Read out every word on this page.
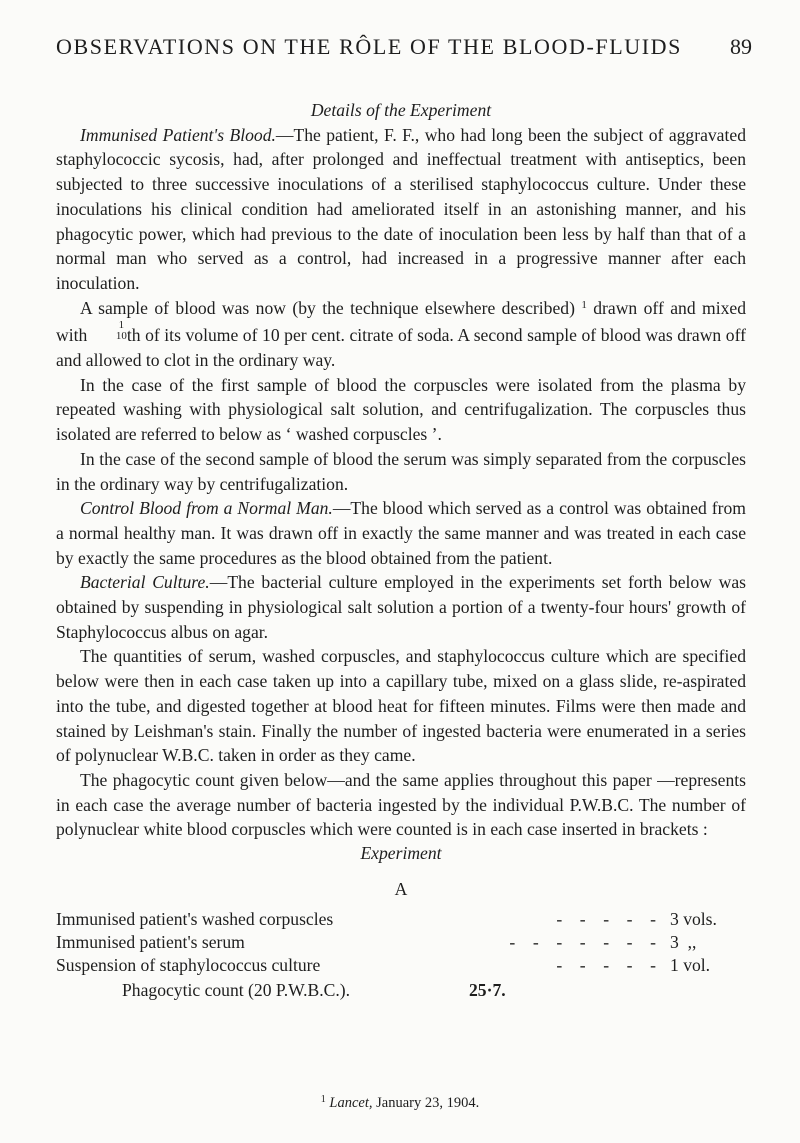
OBSERVATIONS ON THE RÔLE OF THE BLOOD-FLUIDS 89
Details of the Experiment

Immunised Patient's Blood.—The patient, F. F., who had long been the subject of aggravated staphylococcic sycosis, had, after prolonged and ineffectual treatment with antiseptics, been subjected to three successive inoculations of a sterilised staphylococcus culture. Under these inoculations his clinical condition had ameliorated itself in an astonishing manner, and his phagocytic power, which had previous to the date of inoculation been less by half than that of a normal man who served as a control, had increased in a progressive manner after each inoculation.

A sample of blood was now (by the technique elsewhere described) $^1$ drawn off and mixed with	1
10 th of its volume of 10 per cent. citrate of soda. A second sample of blood was drawn off and allowed to clot in the ordinary way.

In the case of the first sample of blood the corpuscles were isolated from the plasma by repeated washing with physiological salt solution, and centrifugalization. The corpuscles thus isolated are referred to below as ‘ washed corpuscles ’.

In the case of the second sample of blood the serum was simply separated from the corpuscles in the ordinary way by centrifugalization.

Control Blood from a Normal Man.—The blood which served as a control was obtained from a normal healthy man. It was drawn off in exactly the same manner and was treated in each case by exactly the same procedures as the blood obtained from the patient.

Bacterial Culture.—The bacterial culture employed in the experiments set forth below was obtained by suspending in physiological salt solution a portion of a twenty-four hours' growth of Staphylococcus albus on agar.

The quantities of serum, washed corpuscles, and staphylococcus culture which are specified below were then in each case taken up into a capillary tube, mixed on a glass slide, re-aspirated into the tube, and digested together at blood heat for fifteen minutes. Films were then made and stained by Leishman's stain. Finally the number of ingested bacteria were enumerated in a series of polynuclear W.B.C. taken in order as they came.

The phagocytic count given below—and the same applies throughout this paper —represents in each case the average number of bacteria ingested by the individual P.W.B.C. The number of polynuclear white blood corpuscles which were counted is in each case inserted in brackets :

Experiment
A
Immunised patient's washed corpuscles	-    -    -    -    - 3 vols.
Immunised patient's serum	-    -    -    -    -    -    - 3  ,,
Suspension of staphylococcus culture	-    -    -    -    - 1 vol.
Phagocytic count (20 P.W.B.C.).	25·7.
$^1$ Lancet, January 23, 1904.
